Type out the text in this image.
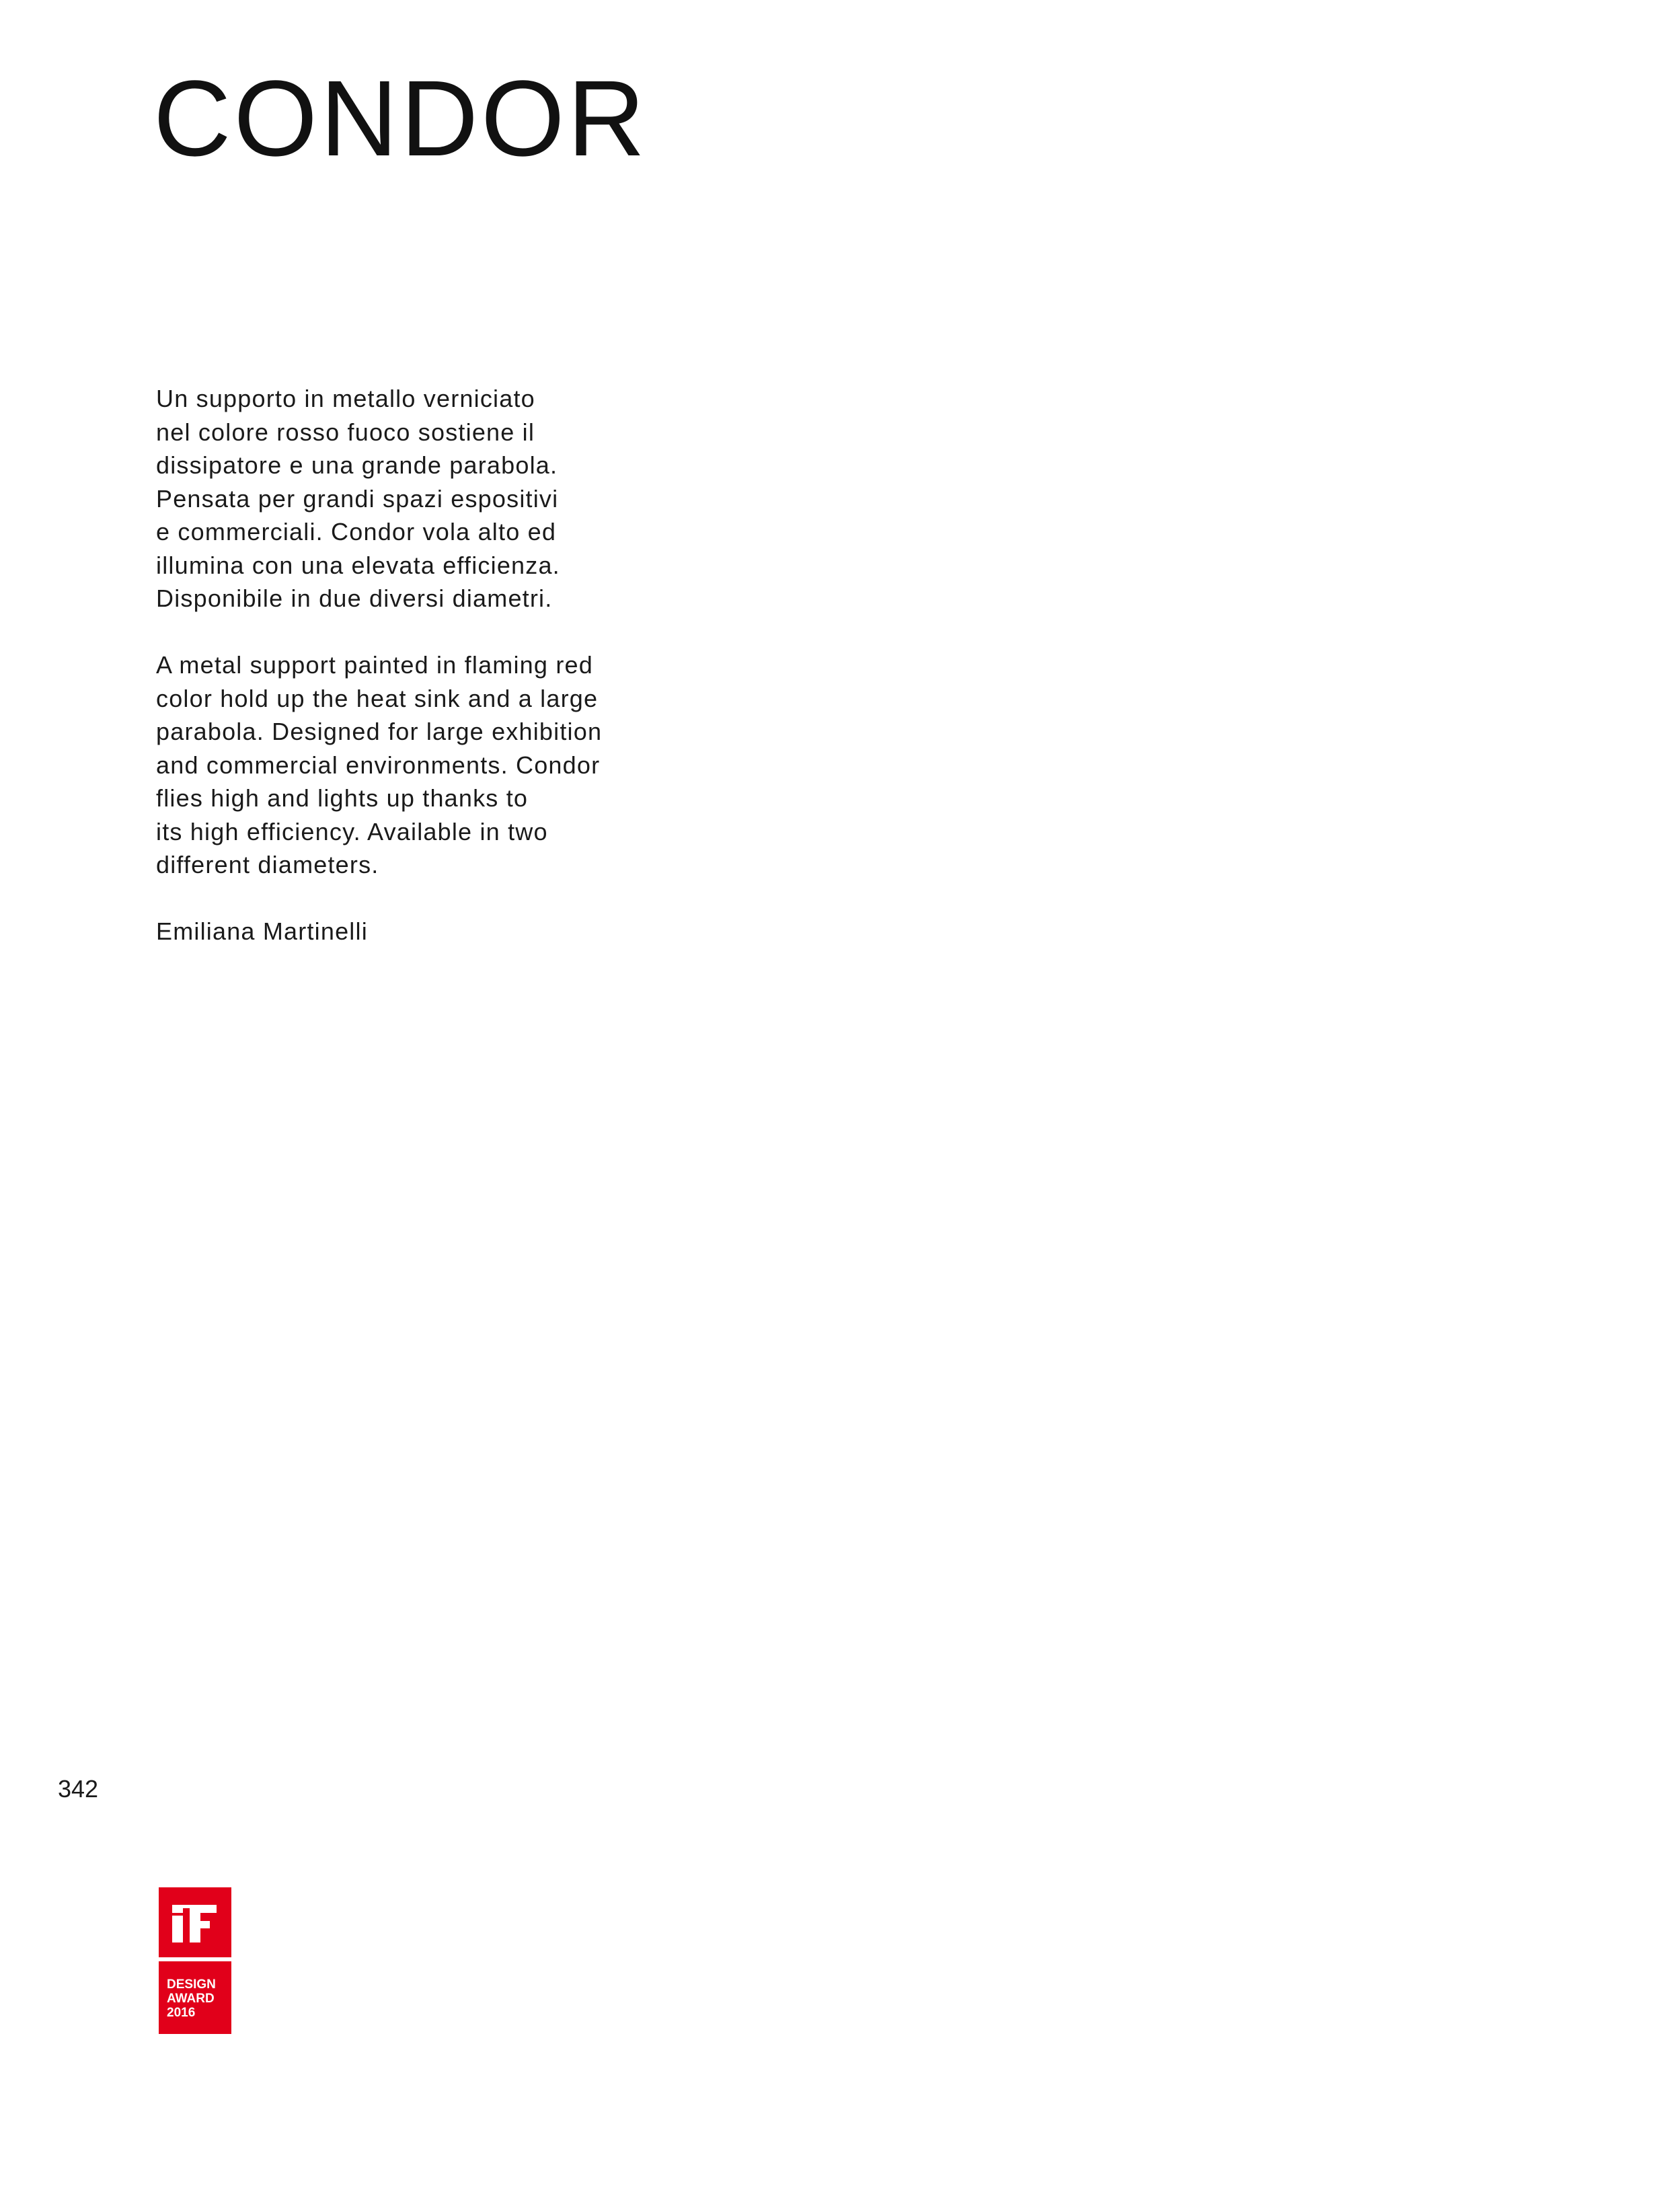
CONDOR

Un supporto in metallo verniciato
nel colore rosso fuoco sostiene il
dissipatore e una grande parabola.
Pensata per grandi spazi espositivi
e commerciali. Condor vola alto ed
illumina con una elevata efficienza.
Disponibile in due diversi diametri.

A metal support painted in flaming red
color hold up the heat sink and a large
parabola. Designed for large exhibition
and commercial environments. Condor
flies high and lights up thanks to
its high efficiency. Available in two
different diameters.

Emiliana Martinelli

342
DESIGN
AWARD
2016
